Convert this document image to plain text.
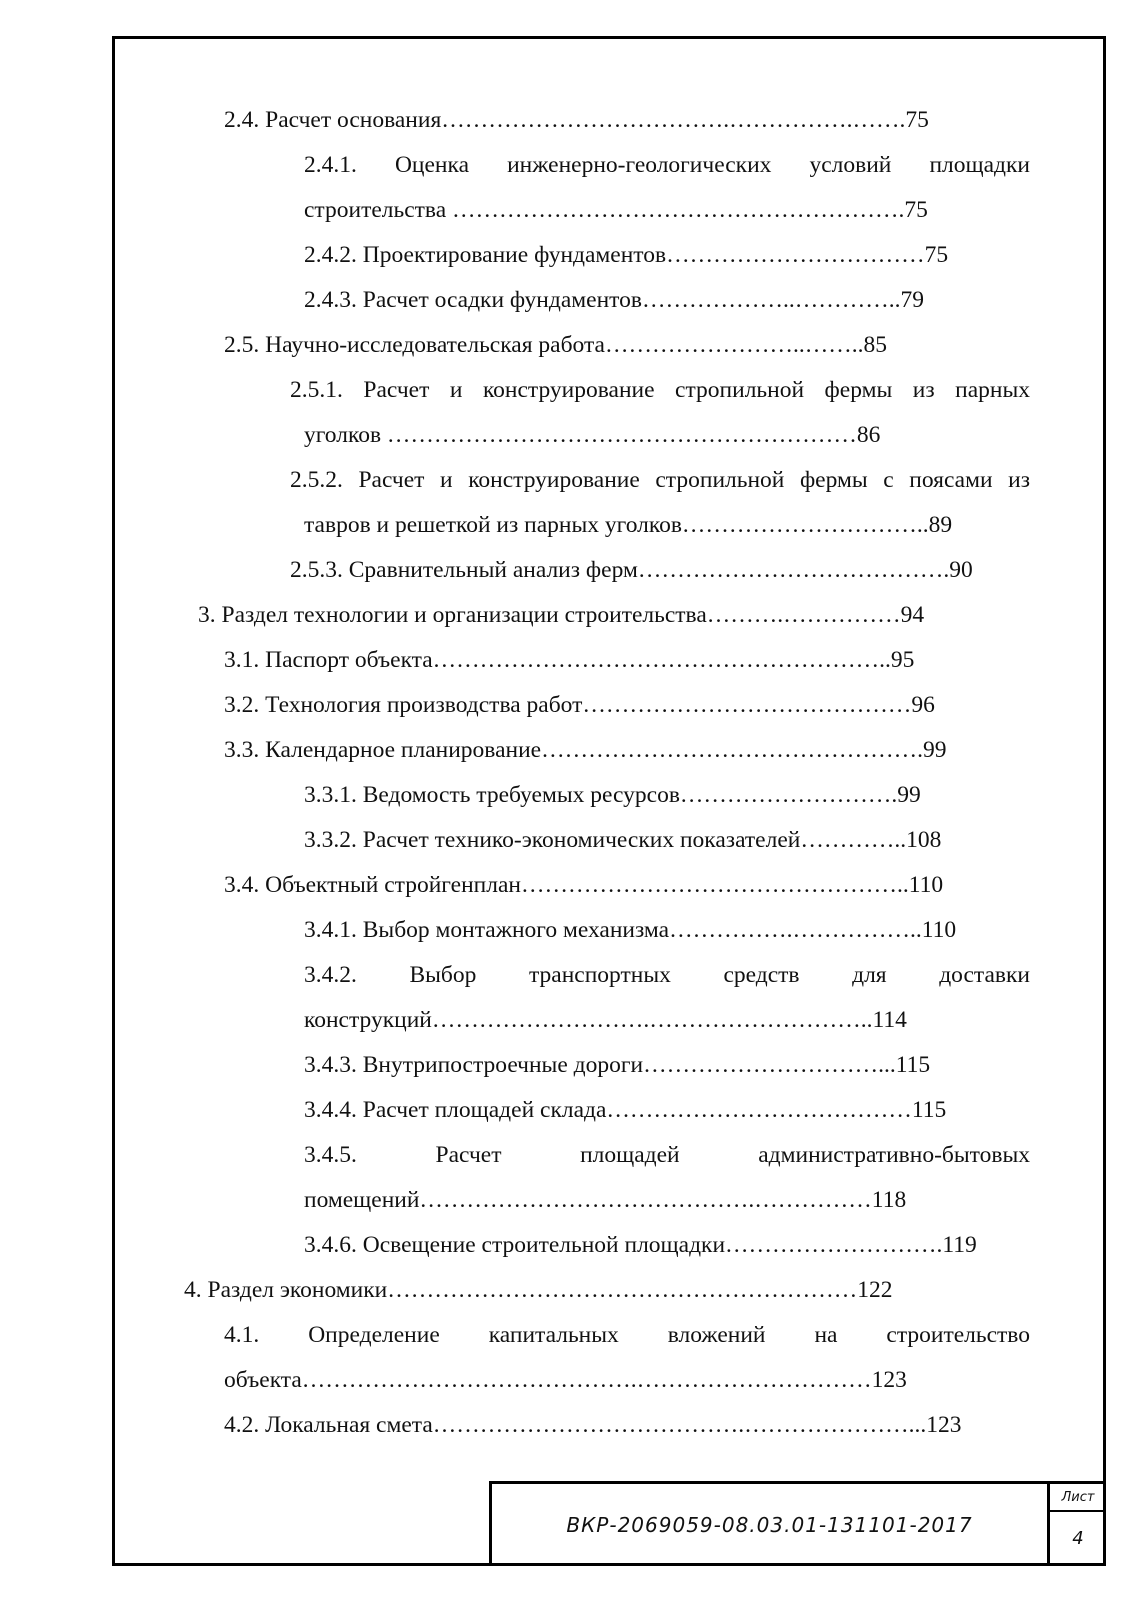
2.4. Расчет основания……………………………….…………….…….75
2.4.1. Оценка инженерно-геологических условий площадки
строительства ………………………………………………….75
2.4.2. Проектирование фундаментов……………………………75
2.4.3. Расчет осадки фундаментов………………..…………..79
2.5. Научно-исследовательская работа……………………..……..85
2.5.1. Расчет и конструирование стропильной фермы из парных
уголков ……………………………………………………86
2.5.2. Расчет и конструирование стропильной фермы с поясами из
тавров и решеткой из парных уголков…………………………..89
2.5.3. Сравнительный анализ ферм………………………………….90
3. Раздел технологии и организации строительства……….……………94
3.1. Паспорт объекта…………………………………………………..95
3.2. Технология производства работ……………………………………96
3.3. Календарное планирование………………………………………….99
3.3.1. Ведомость требуемых ресурсов……………………….99
3.3.2. Расчет технико-экономических показателей…………..108
3.4. Объектный стройгенплан…………………………………………..110
3.4.1. Выбор монтажного механизма…………….……………..110
3.4.2. Выбор транспортных средств для доставки
конструкций……………………….………………………..114
3.4.3. Внутрипостроечные дороги…………………………...115
3.4.4. Расчет площадей склада…………………………………115
3.4.5. Расчет площадей административно-бытовых
помещений…………………………………….……………118
3.4.6. Освещение строительной площадки……………………….119
4. Раздел экономики……………………………………………………122
4.1. Определение капитальных вложений на строительство
объекта…………………………………….…………………………123
4.2. Локальная смета………………………………….…………………...123
ВКР-2069059-08.03.01-131101-2017
Лист
4
